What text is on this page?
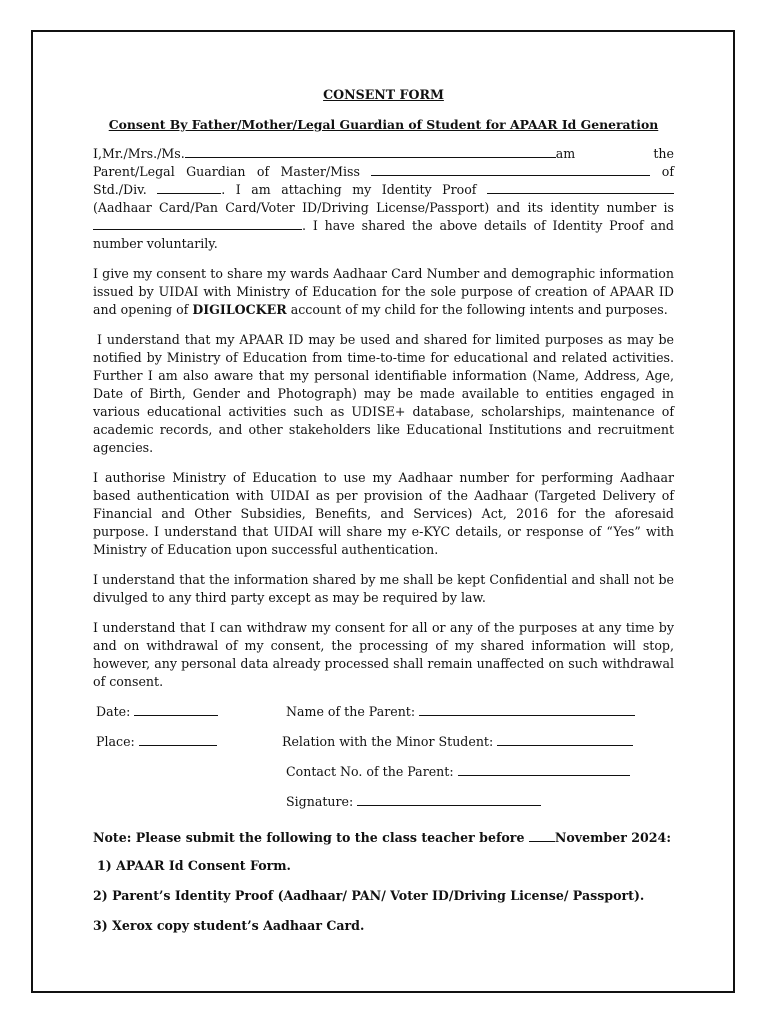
CONSENT FORM
Consent By Father/Mother/Legal Guardian of Student for APAAR Id Generation

I,Mr./Mrs./Ms.	am the Parent/Legal Guardian of Master/Miss	of Std./Div.	. I am attaching my Identity Proof  (Aadhaar Card/Pan Card/Voter ID/Driving License/Passport) and its identity number is . I have shared the above details of Identity Proof and number voluntarily.

I give my consent to share my wards Aadhaar Card Number and demographic information issued by UIDAI with Ministry of Education for the sole purpose of creation of APAAR ID and opening of DIGILOCKER account of my child for the following intents and purposes.

I understand that my APAAR ID may be used and shared for limited purposes as may be notified by Ministry of Education from time-to-time for educational and related activities. Further I am also aware that my personal identifiable information (Name, Address, Age, Date of Birth, Gender and Photograph) may be made available to entities engaged in various educational activities such as UDISE+ database, scholarships, maintenance of academic records, and other stakeholders like Educational Institutions and recruitment agencies.

I authorise Ministry of Education to use my Aadhaar number for performing Aadhaar based authentication with UIDAI as per provision of the Aadhaar (Targeted Delivery of Financial and Other Subsidies, Benefits, and Services) Act, 2016 for the aforesaid purpose. I understand that UIDAI will share my e-KYC details, or response of “Yes” with Ministry of Education upon successful authentication.

I understand that the information shared by me shall be kept Confidential and shall not be divulged to any third party except as may be required by law.

I understand that I can withdraw my consent for all or any of the purposes at any time by and on withdrawal of my consent, the processing of my shared information will stop, however, any personal data already processed shall remain unaffected on such withdrawal of consent.

Date:	Name of the Parent:
Place:	Relation with the Minor Student:
Contact No. of the Parent:
Signature:
Note: Please submit the following to the class teacher before November 2024:
1) APAAR Id Consent Form.
2) Parent’s Identity Proof (Aadhaar/ PAN/ Voter ID/Driving License/ Passport).
3) Xerox copy student’s Aadhaar Card.
